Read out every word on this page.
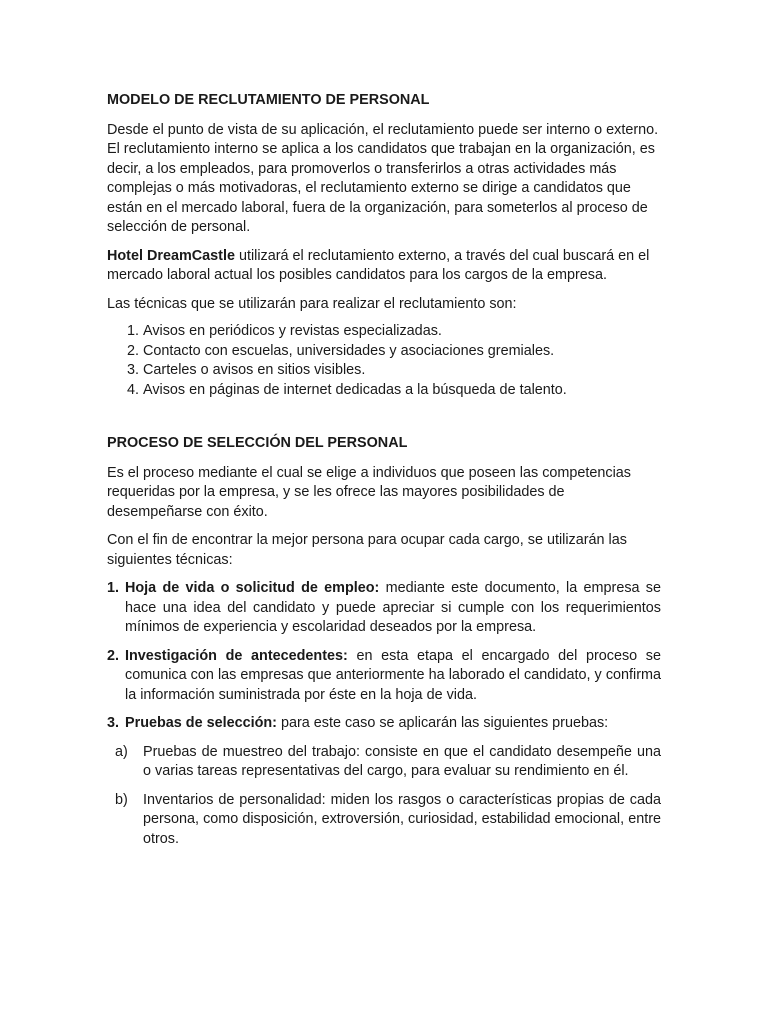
MODELO DE RECLUTAMIENTO DE PERSONAL

Desde el punto de vista de su aplicación, el reclutamiento puede ser interno o externo. El reclutamiento interno se aplica a los candidatos que trabajan en la organización, es decir, a los empleados, para promoverlos o transferirlos a otras actividades más complejas o más motivadoras, el reclutamiento externo se dirige a candidatos que están en el mercado laboral, fuera de la organización, para someterlos al proceso de selección de personal.

Hotel DreamCastle utilizará el reclutamiento externo, a través del cual buscará en el mercado laboral actual los posibles candidatos para los cargos de la empresa.

Las técnicas que se utilizarán para realizar el reclutamiento son:

1. Avisos en periódicos y revistas especializadas.
2. Contacto con escuelas, universidades y asociaciones gremiales.
3. Carteles o avisos en sitios visibles.
4. Avisos en páginas de internet dedicadas a la búsqueda de talento.

PROCESO DE SELECCIÓN DEL PERSONAL

Es el proceso mediante el cual se elige a individuos que poseen las competencias requeridas por la empresa, y se les ofrece las mayores posibilidades de desempeñarse con éxito.

Con el fin de encontrar la mejor persona para ocupar cada cargo, se utilizarán las siguientes técnicas:

1. Hoja de vida o solicitud de empleo: mediante este documento, la empresa se hace una idea del candidato y puede apreciar si cumple con los requerimientos mínimos de experiencia y escolaridad deseados por la empresa.
2. Investigación de antecedentes: en esta etapa el encargado del proceso se comunica con las empresas que anteriormente ha laborado el candidato, y confirma la información suministrada por éste en la hoja de vida.
3. Pruebas de selección: para este caso se aplicarán las siguientes pruebas:
a)	Pruebas de muestreo del trabajo: consiste en que el candidato desempeñe una o varias tareas representativas del cargo, para evaluar su rendimiento en él.
b)	Inventarios de personalidad: miden los rasgos o características propias de cada persona, como disposición, extroversión, curiosidad, estabilidad emocional, entre otros.
